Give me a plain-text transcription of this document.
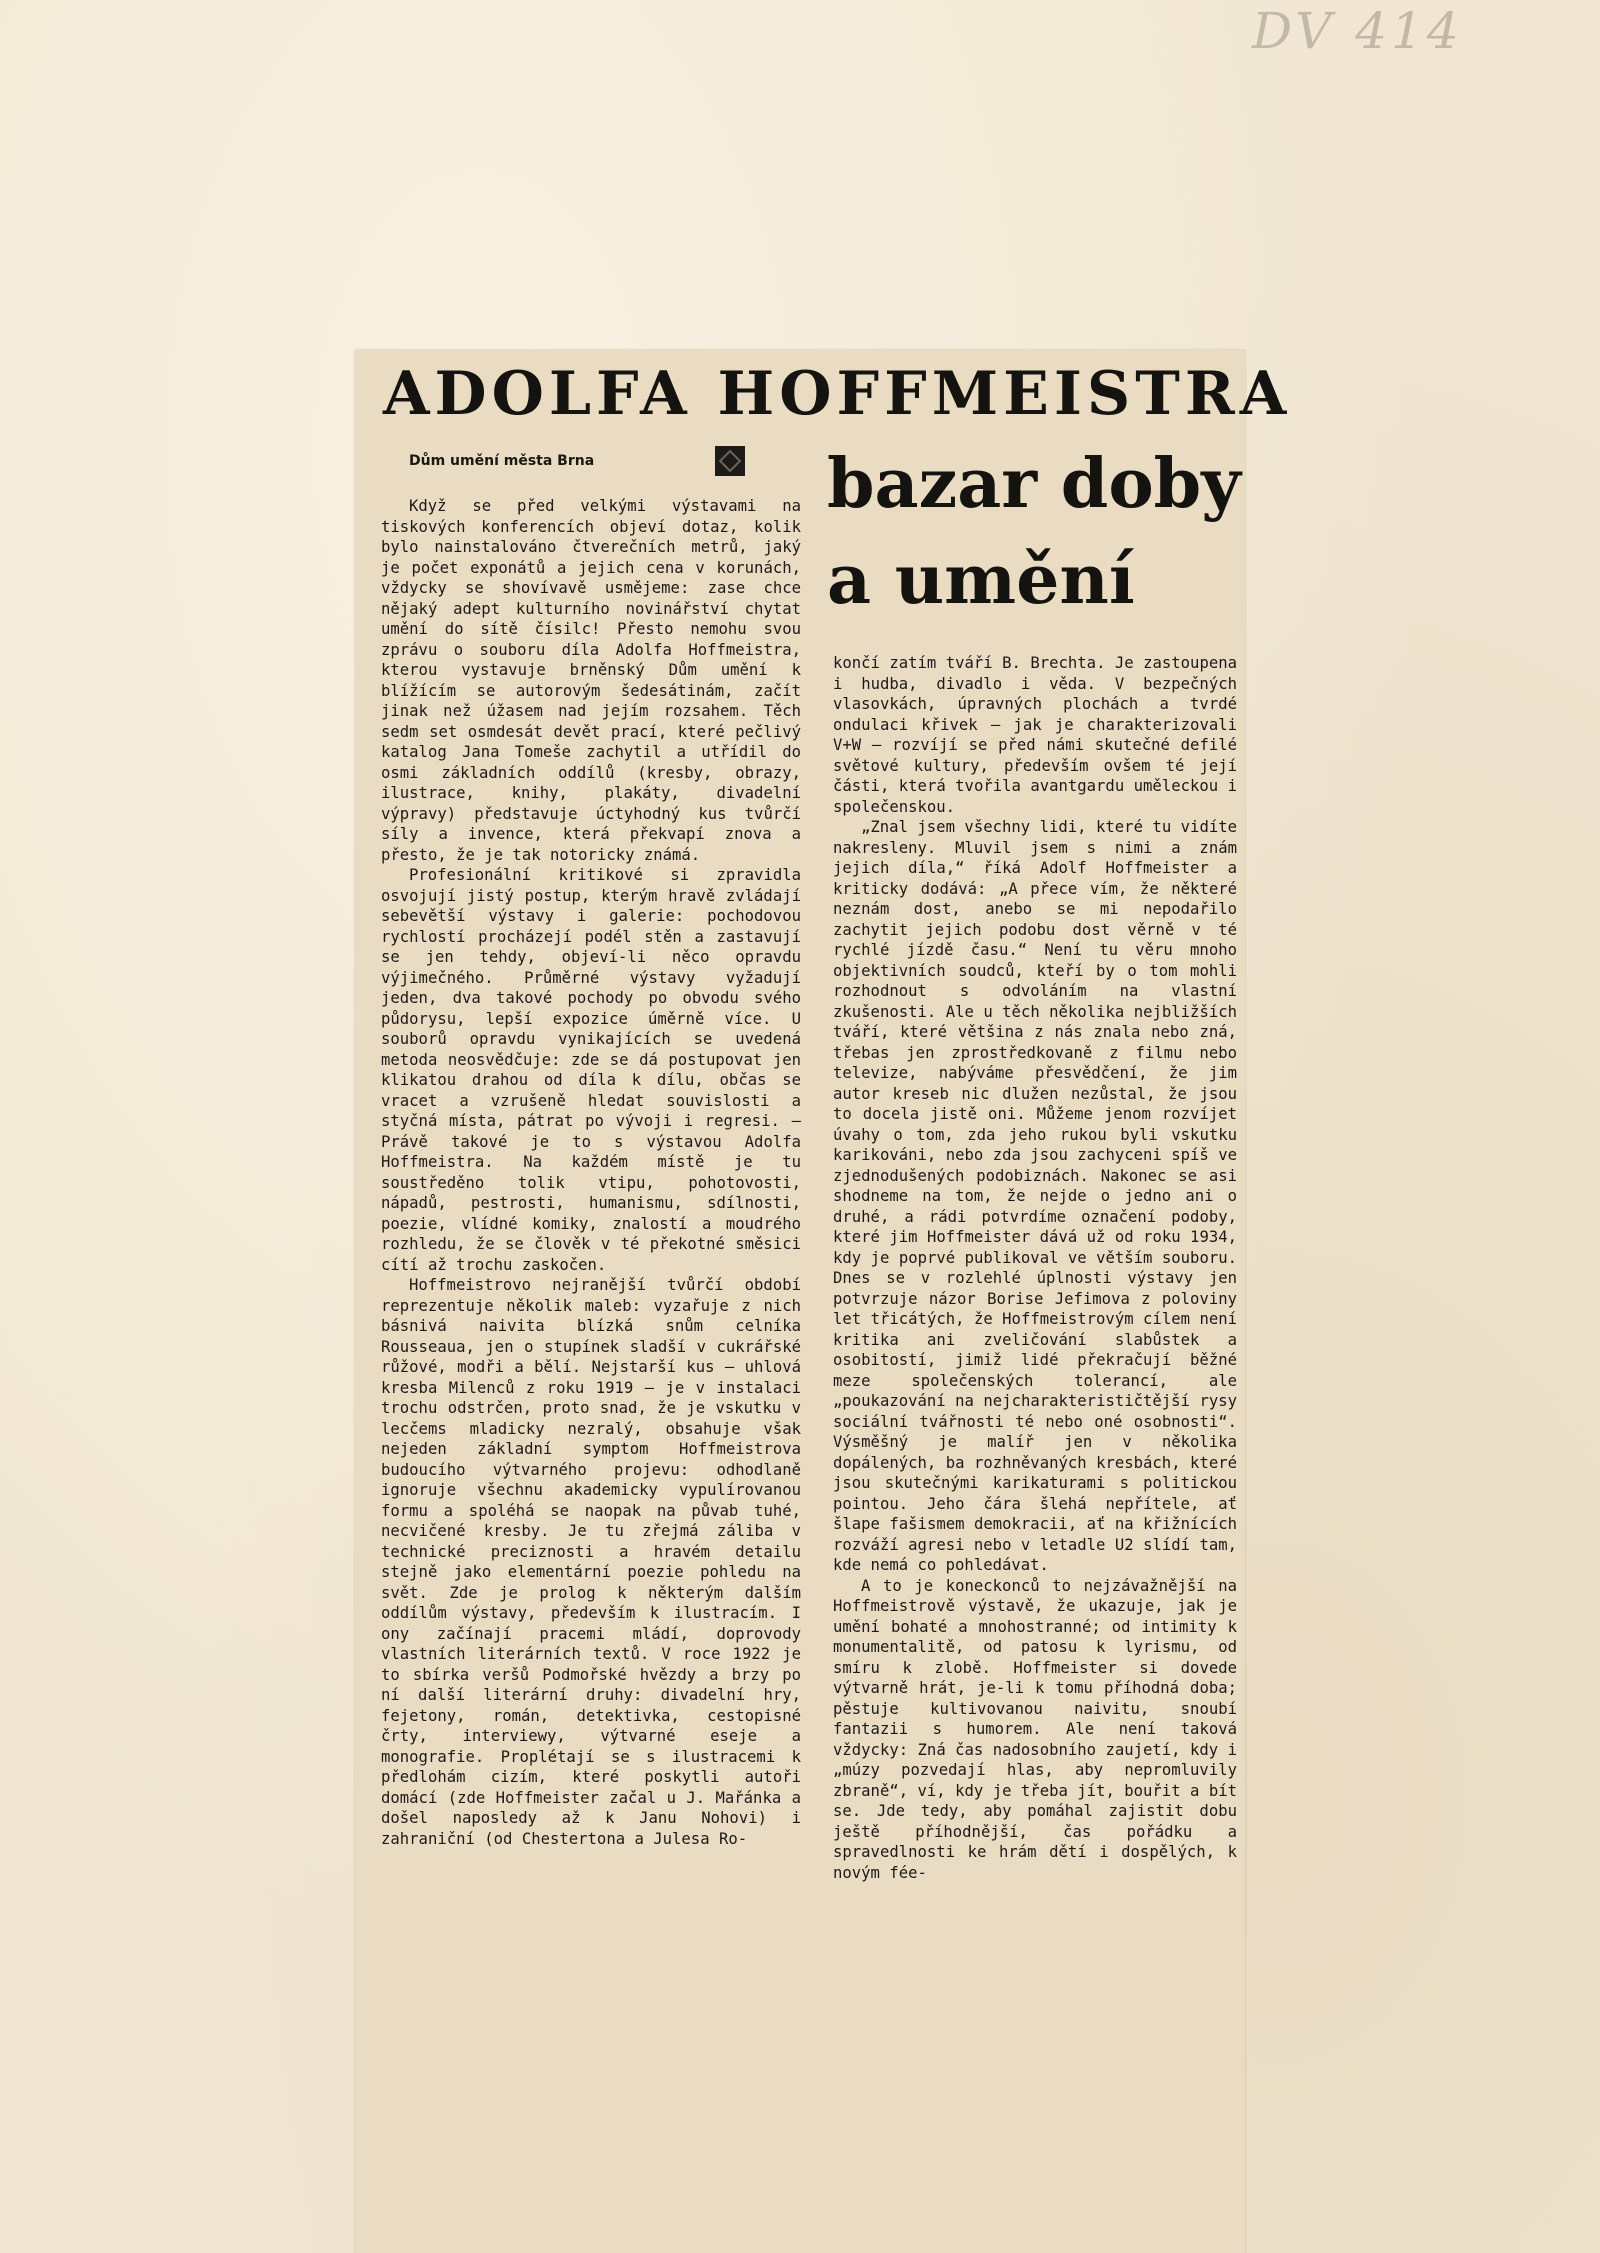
DV 414
ADOLFA HOFFMEISTRA
Dům umění města Brna	bazar doby
a umění

Když se před velkými výstavami na tiskových konferencích objeví dotaz, kolik bylo nainstalováno čtverečních metrů, jaký je počet exponátů a jejich cena v korunách, vždycky se shovívavě usmějeme: zase chce nějaký adept kulturního novinářství chytat umění do sítě čísilc! Přesto nemohu svou zprávu o souboru díla Adolfa Hoffmeistra, kterou vystavuje brněnský Dům umění k blížícím se autorovým šedesátinám, začít jinak než úžasem nad jejím rozsahem. Těch sedm set osmdesát devět prací, které pečlivý katalog Jana Tomeše zachytil a utřídil do osmi základních oddílů (kresby, obrazy, ilustrace, knihy, plakáty, divadelní výpravy) představuje úctyhodný kus tvůrčí síly a invence, která překvapí znova a přesto, že je tak notoricky známá.

Profesionální kritikové si zpravidla osvojují jistý postup, kterým hravě zvládají sebevětší výstavy i galerie: pochodovou rychlostí procházejí podél stěn a zastavují se jen tehdy, objeví-li něco opravdu výjimečného. Průměrné výstavy vyžadují jeden, dva takové pochody po obvodu svého půdorysu, lepší expozice úměrně více. U souborů opravdu vynikajících se uvedená metoda neosvědčuje: zde se dá postupovat jen klikatou drahou od díla k dílu, občas se vracet a vzrušeně hledat souvislosti a styčná místa, pátrat po vývoji i regresi. — Právě takové je to s výstavou Adolfa Hoffmeistra. Na každém místě je tu soustředěno tolik vtipu, pohotovosti, nápadů, pestrosti, humanismu, sdílnosti, poezie, vlídné komiky, znalostí a moudrého rozhledu, že se člověk v té překotné směsici cítí až trochu zaskočen.

Hoffmeistrovo nejranější tvůrčí období reprezentuje několik maleb: vyzařuje z nich básnivá naivita blízká snům celníka Rousseaua, jen o stupínek sladší v cukrářské růžové, modři a bělí. Nejstarší kus — uhlová kresba Milenců z roku 1919 — je v instalaci trochu odstrčen, proto snad, že je vskutku v lecčems mladicky nezralý, obsahuje však nejeden základní symptom Hoffmeistrova budoucího výtvarného projevu: odhodlaně ignoruje všechnu akademicky vypulírovanou formu a spoléhá se naopak na půvab tuhé, necvičené kresby. Je tu zřejmá záliba v technické preciznosti a hravém detailu stejně jako elementární poezie pohledu na svět. Zde je prolog k některým dalším oddílům výstavy, především k ilustracím. I ony začínají pracemi mládí, doprovody vlastních literárních textů. V roce 1922 je to sbírka veršů Podmořské hvězdy a brzy po ní další literární druhy: divadelní hry, fejetony, román, detektivka, cestopisné črty, interviewy, výtvarné eseje a monografie. Proplétají se s ilustracemi k předlohám cizím, které poskytli autoři domácí (zde Hoffmeister začal u J. Mařánka a došel naposledy až k Janu Nohovi) i zahraniční (od Chestertona a Julesa Ro-

končí zatím tváří B. Brechta. Je zastoupena i hudba, divadlo i věda. V bezpečných vlasovkách, úpravných plochách a tvrdé ondulaci křivek — jak je charakterizovali V+W — rozvíjí se před námi skutečné defilé světové kultury, především ovšem té její části, která tvořila avantgardu uměleckou i společenskou.

„Znal jsem všechny lidi, které tu vidíte nakresleny. Mluvil jsem s nimi a znám jejich díla,“ říká Adolf Hoffmeister a kriticky dodává: „A přece vím, že některé neznám dost, anebo se mi nepodařilo zachytit jejich podobu dost věrně v té rychlé jízdě času.“ Není tu věru mnoho objektivních soudců, kteří by o tom mohli rozhodnout s odvoláním na vlastní zkušenosti. Ale u těch několika nejbližších tváří, které většina z nás znala nebo zná, třebas jen zprostředkovaně z filmu nebo televize, nabýváme přesvědčení, že jim autor kreseb nic dlužen nezůstal, že jsou to docela jistě oni. Můžeme jenom rozvíjet úvahy o tom, zda jeho rukou byli vskutku karikováni, nebo zda jsou zachyceni spíš ve zjednodušených podobiznách. Nakonec se asi shodneme na tom, že nejde o jedno ani o druhé, a rádi potvrdíme označení podoby, které jim Hoffmeister dává už od roku 1934, kdy je poprvé publikoval ve větším souboru. Dnes se v rozlehlé úplnosti výstavy jen potvrzuje názor Borise Jefimova z poloviny let třicátých, že Hoffmeistrovým cílem není kritika ani zveličování slabůstek a osobitostí, jimiž lidé překračují běžné meze společenských tolerancí, ale „poukazování na nejcharakterističtější rysy sociální tvářnosti té nebo oné osobnosti“. Výsměšný je malíř jen v několika dopálených, ba rozhněvaných kresbách, které jsou skutečnými karikaturami s politickou pointou. Jeho čára šlehá nepřítele, ať šlape fašismem demokracii, ať na křižnících rozváží agresi nebo v letadle U2 slídí tam, kde nemá co pohledávat.

A to je koneckonců to nejzávažnější na Hoffmeistrově výstavě, že ukazuje, jak je umění bohaté a mnohostranné; od intimity k monumentalitě, od patosu k lyrismu, od smíru k zlobě. Hoffmeister si dovede výtvarně hrát, je-li k tomu příhodná doba; pěstuje kultivovanou naivitu, snoubí fantazii s humorem. Ale není taková vždycky: Zná čas nadosobního zaujetí, kdy i „múzy pozvedají hlas, aby nepromluvily zbraně“, ví, kdy je třeba jít, bouřit a bít se. Jde tedy, aby pomáhal zajistit dobu ještě příhodnější, čas pořádku a spravedlnosti ke hrám dětí i dospělých, k novým fée-
